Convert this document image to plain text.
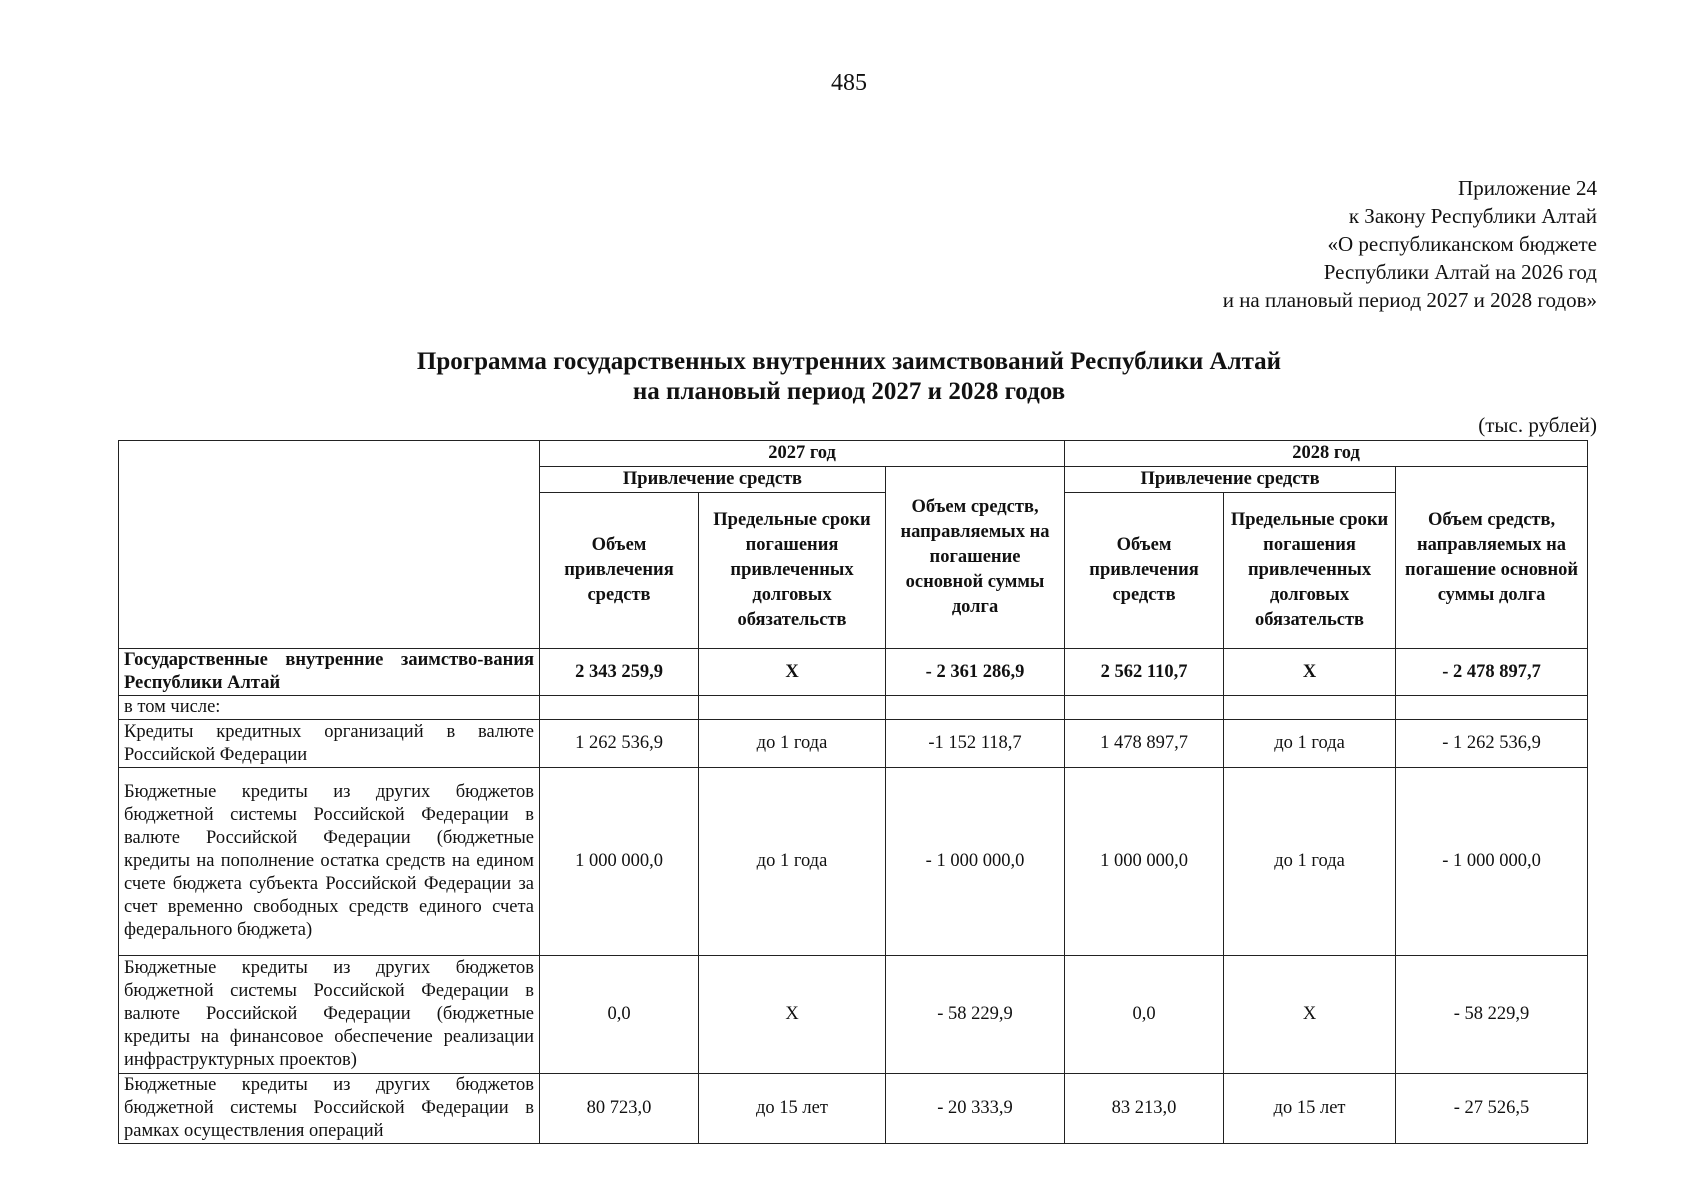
485
Приложение 24
к Закону Республики Алтай
«О республиканском бюджете
Республики Алтай на 2026 год
и на плановый период 2027 и 2028 годов»
Программа государственных внутренних заимствований Республики Алтай
на плановый период 2027 и 2028 годов
(тыс. рублей)
	2027 год			2028 год		
	Привлечение средств		Объем средств, направляемых на погашение основной суммы долга	Привлечение средств		Объем средств, направляемых на погашение основной суммы долга
	Объем привлечения средств	Предельные сроки погашения привлеченных долговых обязательств		Объем привлечения средств	Предельные сроки погашения привлеченных долговых обязательств	
Государственные внутренние заимство-вания Республики Алтай	2 343 259,9	Х	- 2 361 286,9	2 562 110,7	Х	- 2 478 897,7
в том числе:						
Кредиты кредитных организаций в валюте Российской Федерации	1 262 536,9	до 1 года	-1 152 118,7	1 478 897,7	до 1 года	- 1 262 536,9
Бюджетные кредиты из других бюджетов бюджетной системы Российской Федерации в валюте Российской Федерации (бюджетные кредиты на пополнение остатка средств на едином счете бюджета субъекта Российской Федерации за счет временно свободных средств единого счета федерального бюджета)	1 000 000,0	до 1 года	- 1 000 000,0	1 000 000,0	до 1 года	- 1 000 000,0
Бюджетные кредиты из других бюджетов бюджетной системы Российской Федерации в валюте Российской Федерации (бюджетные кредиты на финансовое обеспечение реализации инфраструктурных проектов)	0,0	Х	- 58 229,9	0,0	Х	- 58 229,9
Бюджетные кредиты из других бюджетов бюджетной системы Российской Федерации в рамках осуществления операций	80 723,0	до 15 лет	- 20 333,9	83 213,0	до 15 лет	- 27 526,5
